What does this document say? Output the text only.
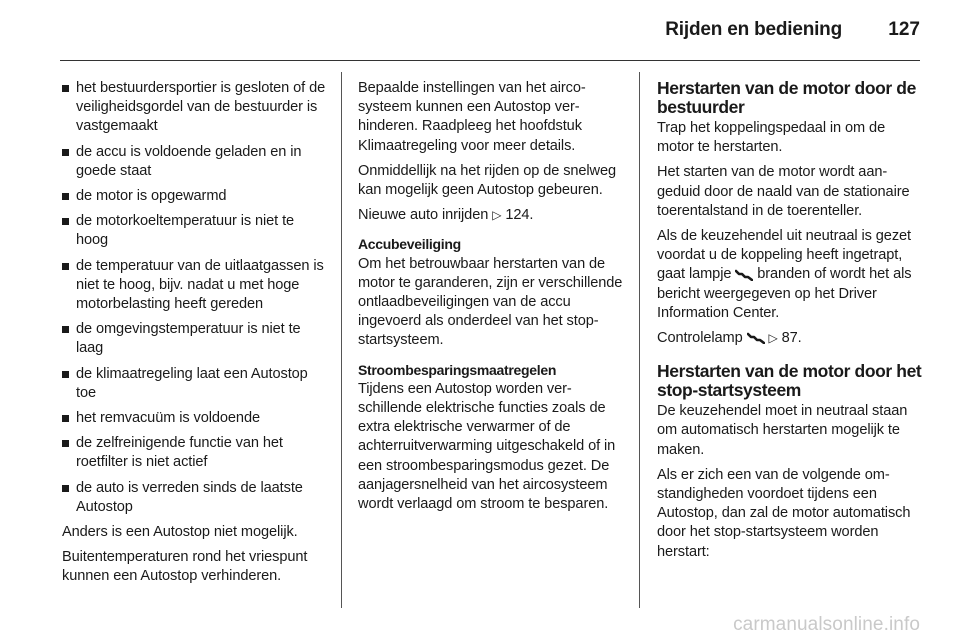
Rijden en bediening 127
het bestuurdersportier is gesloten of de veiligheidsgordel van de bestuurder is vastgemaakt
de accu is voldoende geladen en in goede staat
de motor is opgewarmd
de motorkoeltemperatuur is niet te hoog
de temperatuur van de uitlaatgassen is niet te hoog, bijv. nadat u met hoge motorbelasting heeft gereden
de omgevingstemperatuur is niet te laag
de klimaatregeling laat een Autostop toe
het remvacuüm is voldoende
de zelfreinigende functie van het roetfilter is niet actief
de auto is verreden sinds de laatste Autostop

Anders is een Autostop niet mogelijk.

Buitentemperaturen rond het vriespunt kunnen een Autostop verhinderen.

Bepaalde instellingen van het aircosysteem kunnen een Autostop verhinderen. Raadpleeg het hoofdstuk Klimaatregeling voor meer details.

Onmiddellijk na het rijden op de snelweg kan mogelijk geen Autostop gebeuren.

Nieuwe auto inrijden ▷ 124.

Accubeveiliging

Om het betrouwbaar herstarten van de motor te garanderen, zijn er verschillende ontlaadbeveiligingen van de accu ingevoerd als onderdeel van het stop-startsysteem.

Stroombesparingsmaatregelen

Tijdens een Autostop worden verschillende elektrische functies zoals de extra elektrische verwarmer of de achterruitverwarming uitgeschakeld of in een stroombesparingsmodus gezet. De aanjagersnelheid van het aircosysteem wordt verlaagd om stroom te besparen.

Herstarten van de motor door de bestuurder

Trap het koppelingspedaal in om de motor te herstarten.

Het starten van de motor wordt aangeduid door de naald van de stationaire toerentalstand in de toerenteller.

Als de keuzehendel uit neutraal is gezet voordat u de koppeling heeft ingetrapt, gaat lampje  branden of wordt het als bericht weergegeven op het Driver Information Center.

Controlelamp  ▷ 87.

Herstarten van de motor door het stop-startsysteem

De keuzehendel moet in neutraal staan om automatisch herstarten mogelijk te maken.

Als er zich een van de volgende omstandigheden voordoet tijdens een Autostop, dan zal de motor automatisch door het stop-startsysteem worden herstart:

carmanualsonline.info
